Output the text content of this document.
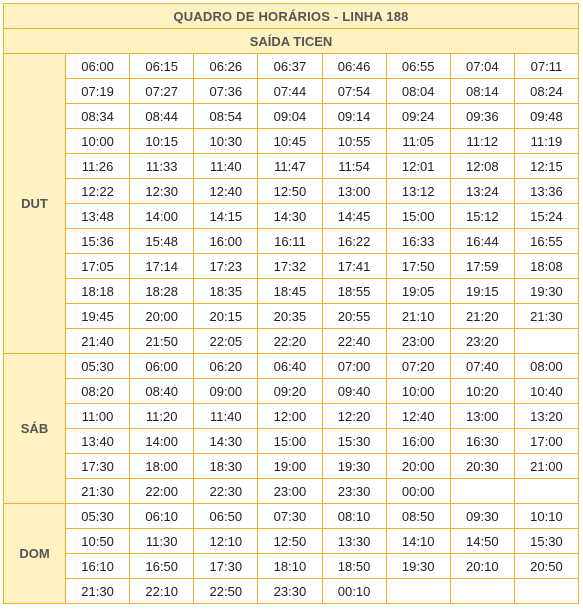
QUADRO DE HORÁRIOS - LINHA 188								
SAÍDA TICEN								
DUT	06:00	06:15	06:26	06:37	06:46	06:55	07:04	07:11
	07:19	07:27	07:36	07:44	07:54	08:04	08:14	08:24
	08:34	08:44	08:54	09:04	09:14	09:24	09:36	09:48
	10:00	10:15	10:30	10:45	10:55	11:05	11:12	11:19
	11:26	11:33	11:40	11:47	11:54	12:01	12:08	12:15
	12:22	12:30	12:40	12:50	13:00	13:12	13:24	13:36
	13:48	14:00	14:15	14:30	14:45	15:00	15:12	15:24
	15:36	15:48	16:00	16:11	16:22	16:33	16:44	16:55
	17:05	17:14	17:23	17:32	17:41	17:50	17:59	18:08
	18:18	18:28	18:35	18:45	18:55	19:05	19:15	19:30
	19:45	20:00	20:15	20:35	20:55	21:10	21:20	21:30
	21:40	21:50	22:05	22:20	22:40	23:00	23:20	
SÁB	05:30	06:00	06:20	06:40	07:00	07:20	07:40	08:00
	08:20	08:40	09:00	09:20	09:40	10:00	10:20	10:40
	11:00	11:20	11:40	12:00	12:20	12:40	13:00	13:20
	13:40	14:00	14:30	15:00	15:30	16:00	16:30	17:00
	17:30	18:00	18:30	19:00	19:30	20:00	20:30	21:00
	21:30	22:00	22:30	23:00	23:30	00:00		
DOM	05:30	06:10	06:50	07:30	08:10	08:50	09:30	10:10
	10:50	11:30	12:10	12:50	13:30	14:10	14:50	15:30
	16:10	16:50	17:30	18:10	18:50	19:30	20:10	20:50
	21:30	22:10	22:50	23:30	00:10			
